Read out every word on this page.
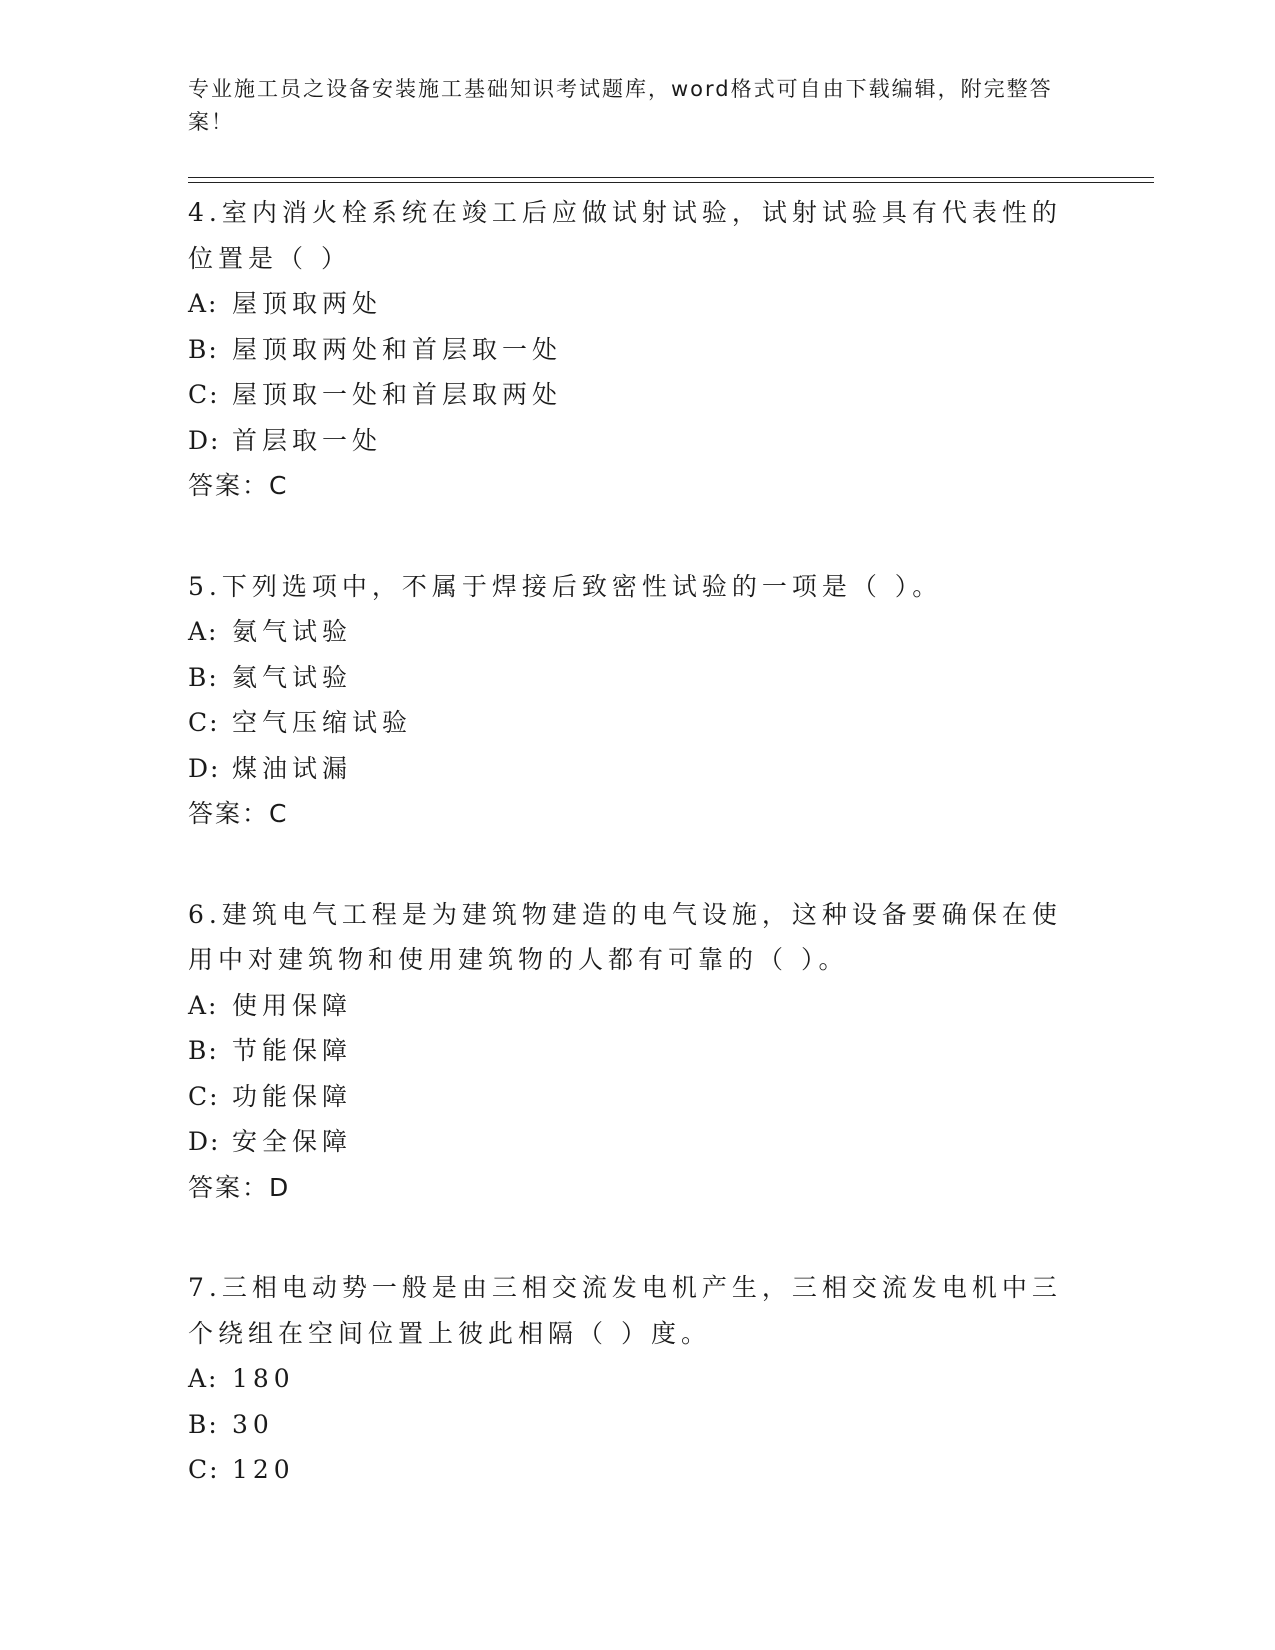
专业施工员之设备安装施工基础知识考试题库，word格式可自由下载编辑，附完整答案！

4.室内消火栓系统在竣工后应做试射试验，试射试验具有代表性的位置是（ ）

A: 屋顶取两处
B: 屋顶取两处和首层取一处
C: 屋顶取一处和首层取两处
D: 首层取一处
答案：C

5.下列选项中，不属于焊接后致密性试验的一项是（ ）。

A: 氨气试验
B: 氦气试验
C: 空气压缩试验
D: 煤油试漏
答案：C

6.建筑电气工程是为建筑物建造的电气设施，这种设备要确保在使用中对建筑物和使用建筑物的人都有可靠的（ ）。

A: 使用保障
B: 节能保障
C: 功能保障
D: 安全保障
答案：D

7.三相电动势一般是由三相交流发电机产生，三相交流发电机中三个绕组在空间位置上彼此相隔（ ）度。

A: 180
B: 30
C: 120
